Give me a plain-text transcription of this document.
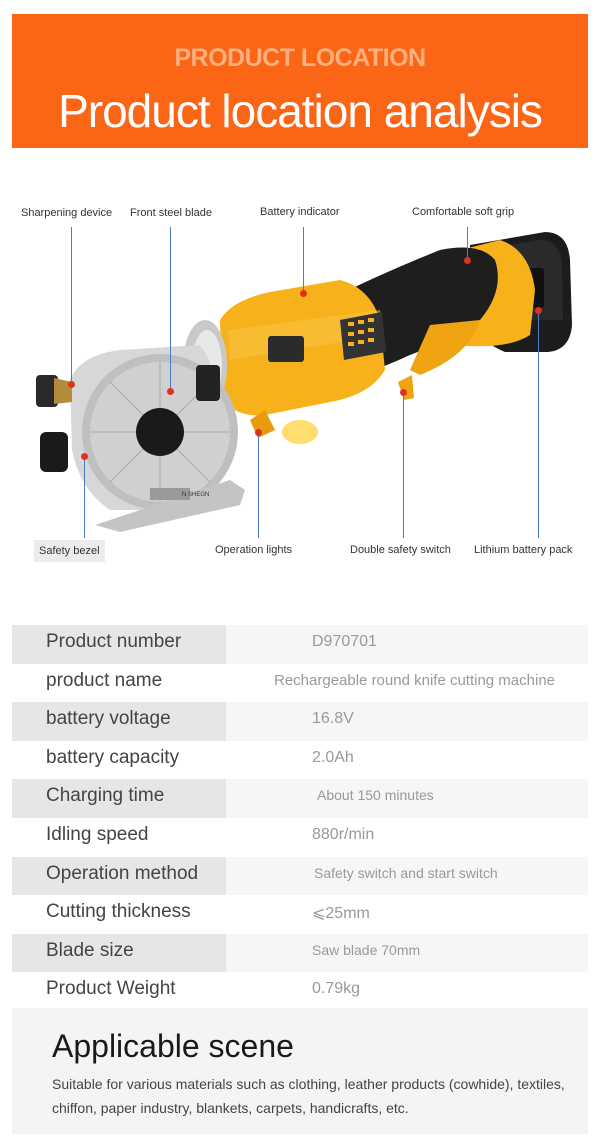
PRODUCT LOCATION
Product location analysis
N SHEGN
Sharpening device Front steel blade	Battery indicator	Comfortable soft grip
Safety bezel	Operation lights	Double safety switch Lithium battery pack
Product number	D970701
product name	Rechargeable round knife cutting machine
battery voltage	16.8V
battery capacity	2.0Ah
Charging time	About 150 minutes
Idling speed	880r/min
Operation method	Safety switch and start switch
Cutting thickness	⩽25mm
Blade size	Saw blade 70mm
Product Weight	0.79kg
Applicable scene
Suitable for various materials such as clothing, leather products (cowhide), textiles, chiffon, paper industry, blankets, carpets, handicrafts, etc.
